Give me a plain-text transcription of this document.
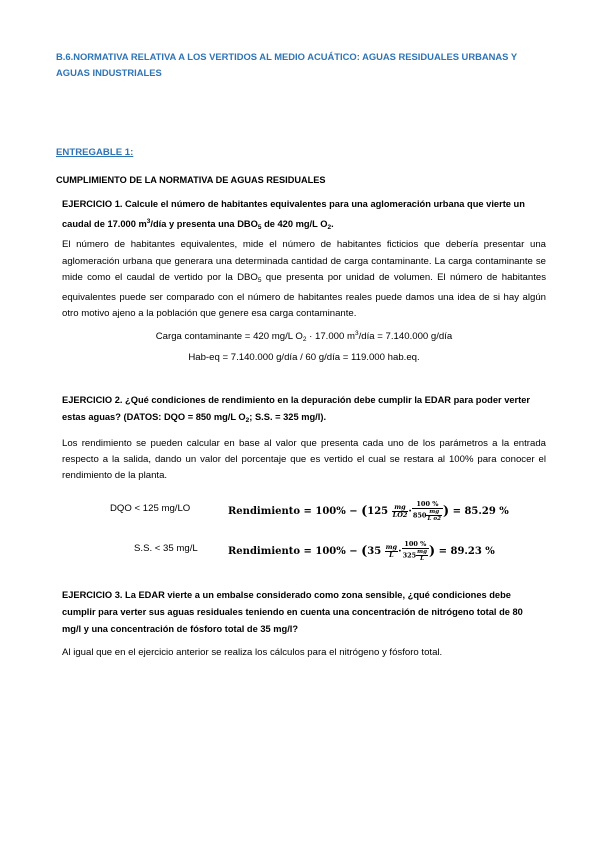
B.6.NORMATIVA RELATIVA A LOS VERTIDOS AL MEDIO ACUÁTICO: AGUAS RESIDUALES URBANAS Y
AGUAS INDUSTRIALES

ENTREGABLE 1:

CUMPLIMIENTO DE LA NORMATIVA DE AGUAS RESIDUALES

EJERCICIO 1. Calcule el número de habitantes equivalentes para una aglomeración urbana que vierte un
caudal de 17.000 $m^3$/día y presenta una $DBO_5$ de 420 mg/L $O_2$.

El número de habitantes equivalentes, mide el número de habitantes ficticios que debería presentar una aglomeración urbana que generara una determinada cantidad de carga contaminante. La carga contaminante se mide como el caudal de vertido por la $DBO_5$ que presenta por unidad de volumen. El número de habitantes equivalentes puede ser comparado con el número de habitantes reales puede damos una idea de si hay algún otro motivo ajeno a la población que genere esa carga contaminante.

Carga contaminante = 420 mg/L $O_2 \cdot 17.000$ $m^3$/día = 7.140.000 g/día

Hab-eq = 7.140.000 g/día / 60 g/día = 119.000 hab.eq.

EJERCICIO 2. ¿Qué condiciones de rendimiento en la depuración debe cumplir la EDAR para poder verter
estas aguas? (DATOS: DQO = 850 mg/L $O_2$; S.S. = 325 mg/l).

Los rendimiento se pueden calcular en base al valor que presenta cada uno de los parámetros a la entrada respecto a la salida, dando un valor del porcentaje que es vertido el cual se restara al 100% para conocer el rendimiento de la planta.

DQO < 125 mg/LO	Rendimiento = $100\% - (125 \frac{mg}{LO2} \cdot \frac{100 \%}{850 \frac{mg}{\text{L o2}}}$ ) = 85.29 %
S.S. < 35 mg/L	Rendimiento = $100\% - (35 \frac{mg}{L} \cdot \frac{100 \%}{325 \frac{mg}{L}}$ ) = 89.23 %

EJERCICIO 3. La EDAR vierte a un embalse considerado como zona sensible, ¿qué condiciones debe
cumplir para verter sus aguas residuales teniendo en cuenta una concentración de nitrógeno total de 80
mg/l y una concentración de fósforo total de 35 mg/l?

Al igual que en el ejercicio anterior se realiza los cálculos para el nitrógeno y fósforo total.
